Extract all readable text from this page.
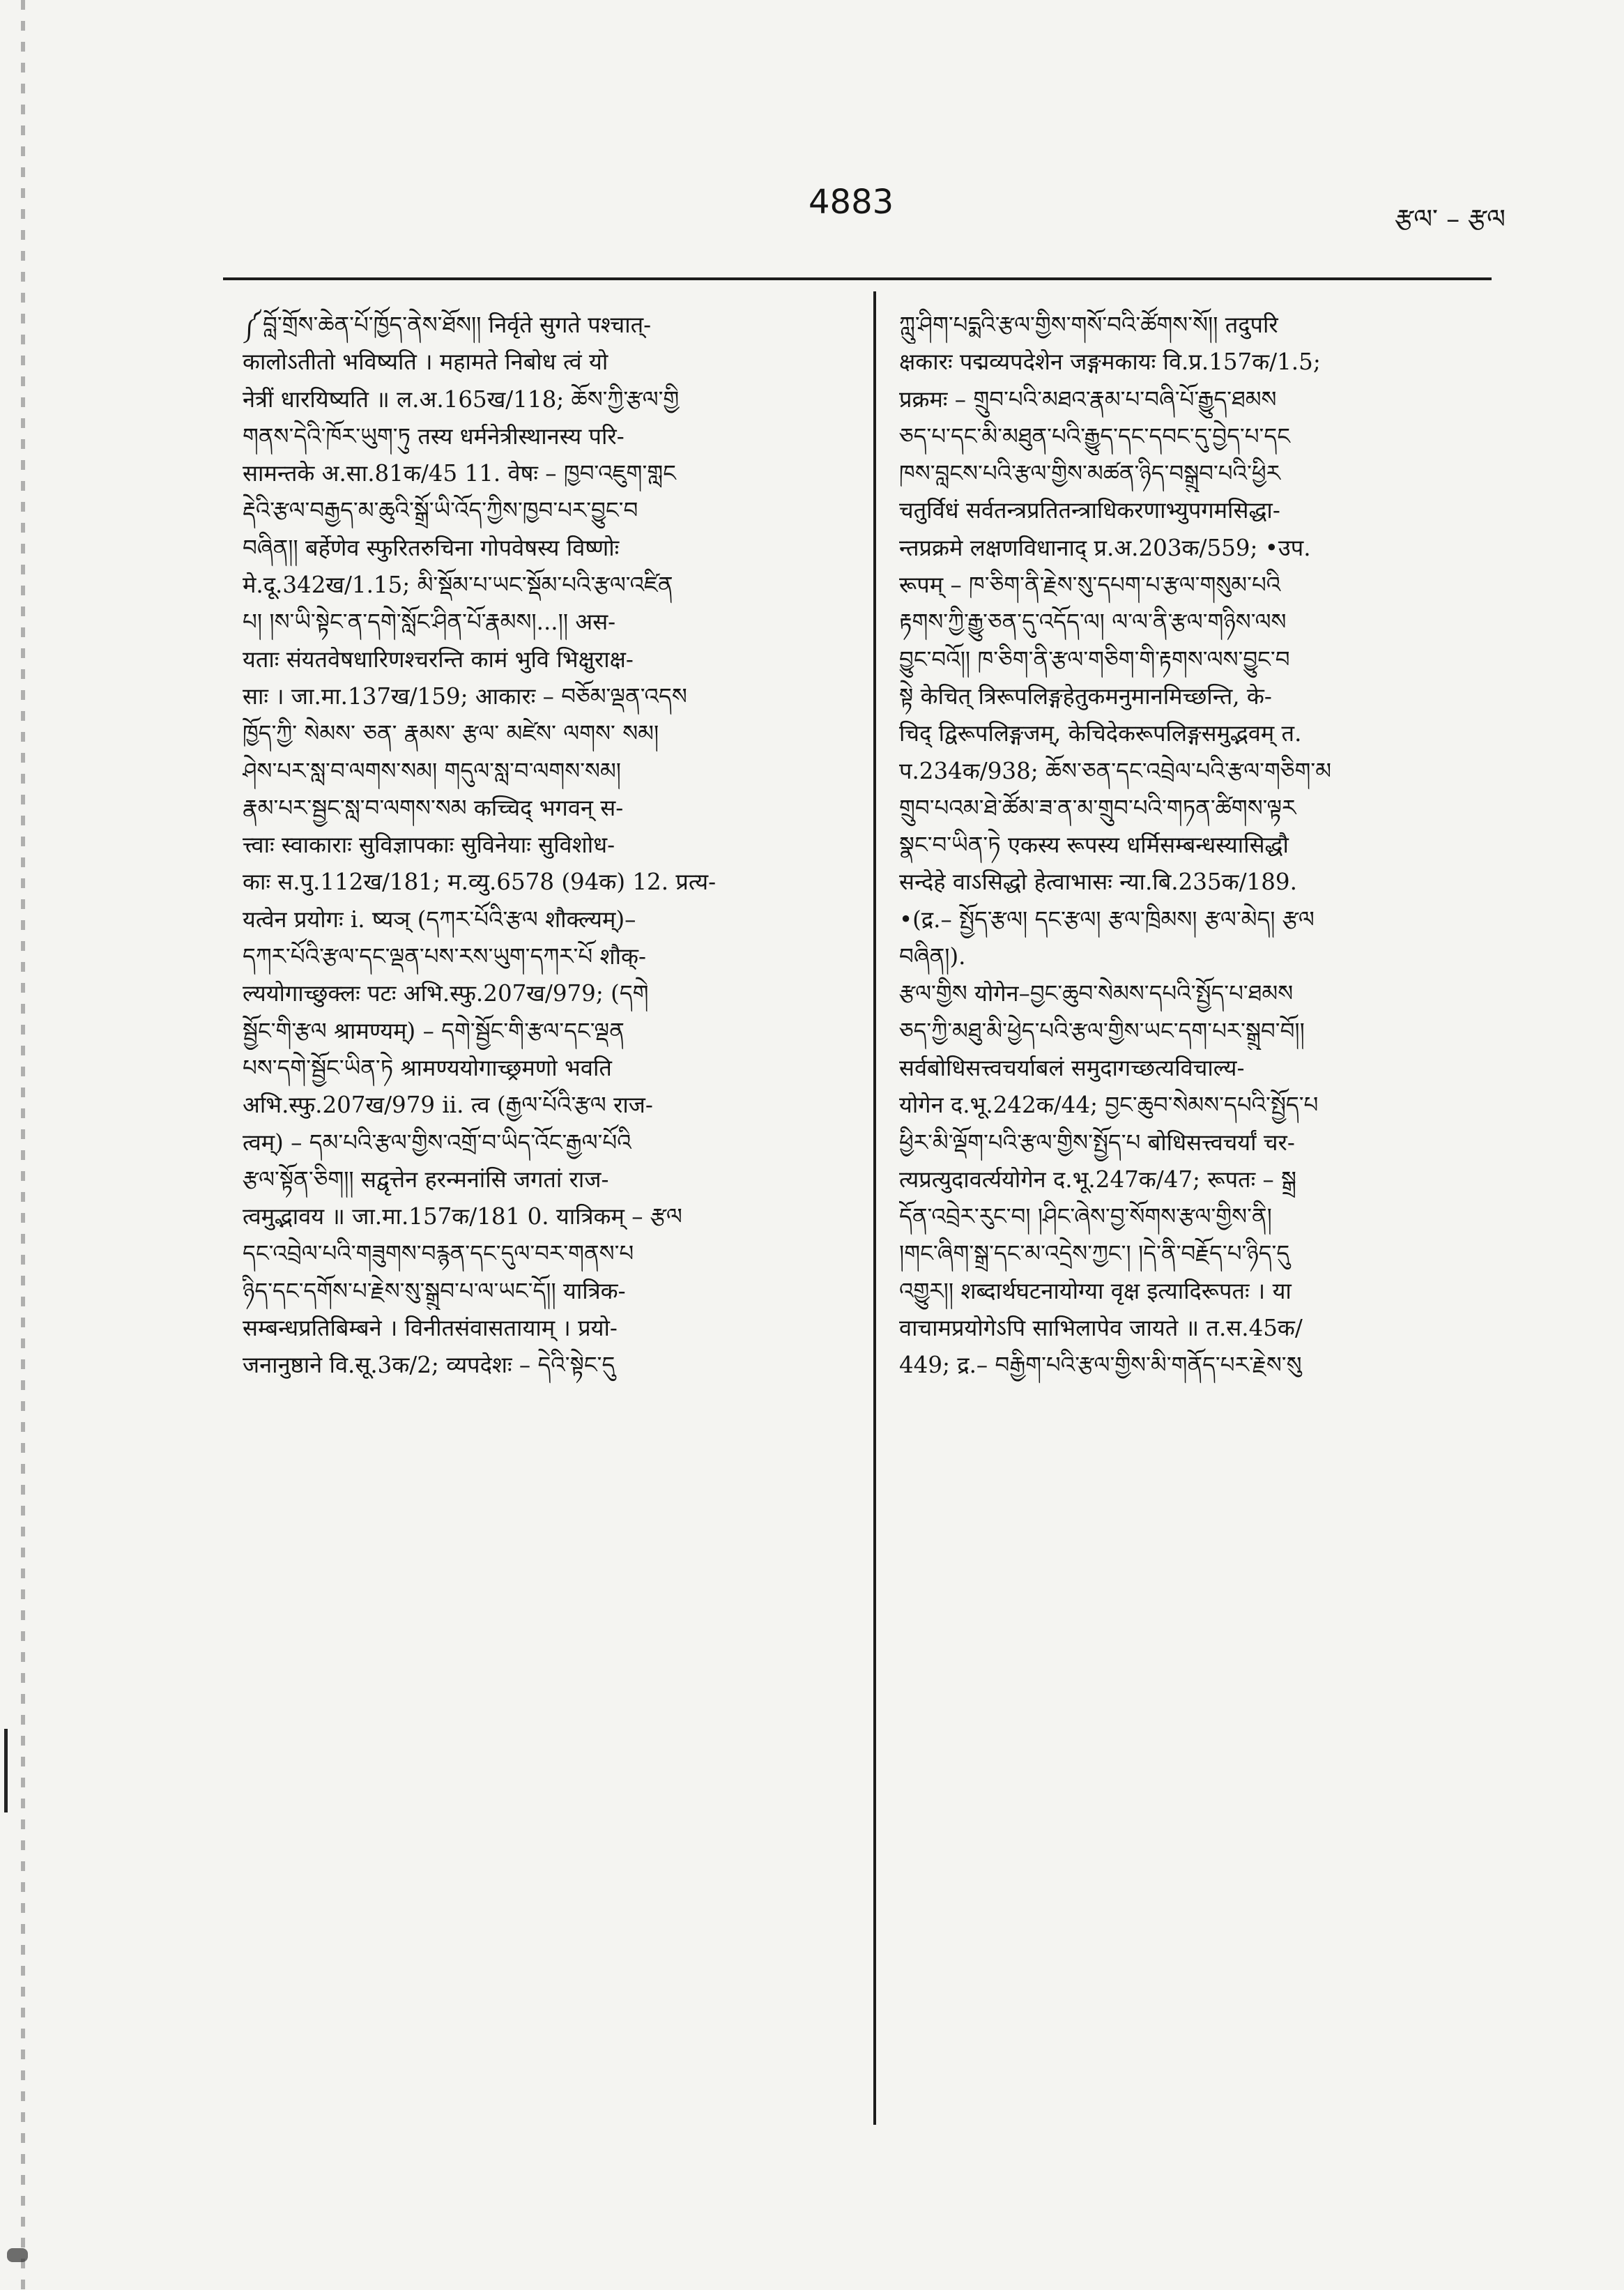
4883	རྩལ་ – རྩལ
༼བློ་གྲོས་ཆེན་པོ་ཁྱོད་ནེས་ཐོས།། निर्वृते सुगते पश्चात्-
कालोऽतीतो भविष्यति । महामते निबोध त्वं यो
नेत्रीं धारयिष्यति ॥ ल.अ.165ख/118; ཆོས་ཀྱི་རྩལ་གྱི
གནས་དེའི་ཁོར་ཡུག་ཏུ तस्य धर्मनेत्रीस्थानस्य परि-
सामन्तके अ.सा.81क/45 11. वेषः – ཁྱབ་འཇུག་གླང
རྡེའི་རྩལ་བརྒྱད་མ་ཆུའི་སྒྲོ་ཡི་འོད་ཀྱིས་ཁྱབ་པར་བྱུང་བ
བཞིན།། बर्हेणेव स्फुरितरुचिना गोपवेषस्य विष्णोः
मे.दू.342ख/1.15; མི་སྡོམ་པ་ཡང་སྡོམ་པའི་རྩལ་འཛིན
པ། །ས་ཡི་སྟེང་ན་དགེ་སློང་ཤིན་པོ་རྣམས།...།། अस-
यताः संयतवेषधारिणश्चरन्ति कामं भुवि भिक्षुराक्ष-
साः । जा.मा.137ख/159; आकारः – བཅོམ་ལྡན་འདས
ཁྱོད་ཀྱི་ སེམས་ ཅན་ རྣམས་ རྩལ་ མཛེས་ ལགས་ སམ།
ཤེས་པར་སླ་བ་ལགས་སམ། གདུལ་སླ་བ་ལགས་སམ།
རྣམ་པར་སྦྱང་སླ་བ་ལགས་སམ कच्चिद् भगवन् स-
त्त्वाः स्वाकाराः सुविज्ञापकाः सुविनेयाः सुविशोध-
काः स.पु.112ख/181; म.व्यु.6578 (94क) 12. प्रत्य-
यत्वेन प्रयोगः i. ष्यञ् (དཀར་པོའི་རྩལ शौक्ल्यम्)–
དཀར་པོའི་རྩལ་དང་ལྡན་པས་རས་ཡུག་དཀར་པོ शौक्-
ल्ययोगाच्छुक्लः पटः अभि.स्फु.207ख/979; (དགེ
སྦྱོང་གི་རྩལ श्रामण्यम्) – དགེ་སྦྱོང་གི་རྩལ་དང་ལྡན
པས་དགེ་སྦྱོང་ཡིན་ཏེ श्रामण्ययोगाच्छ्रमणो भवति
अभि.स्फु.207ख/979 ii. त्व (རྒྱལ་པོའི་རྩལ राज-
त्वम्) – དམ་པའི་རྩལ་གྱིས་འགྲོ་བ་ཡིད་འོང་རྒྱལ་པོའི
རྩལ་སྟོན་ཅིག།། सद्वृत्तेन हरन्मनांसि जगतां राज-
त्वमुद्भावय ॥ जा.मा.157क/181 0. यात्रिकम् – རྩལ
དང་འབྲེལ་པའི་གཟུགས་བརྙན་དང་དུལ་བར་གནས་པ
ཉིད་དང་དགོས་པ་རྗེས་སུ་སྒྲུབ་པ་ལ་ཡང་དོ།། यात्रिक-
सम्बन्धप्रतिबिम्बने । विनीतसंवासतायाम् । प्रयो-
जनानुष्ठाने वि.सू.3क/2; व्यपदेशः – དེའི་སྟེང་དུ
ཀླུ་ཤིག་པདྨའི་རྩལ་གྱིས་གསོ་བའི་ཚོགས་སོ།། तदुपरि
क्षकारः पद्मव्यपदेशेन जङ्गमकायः वि.प्र.157क/1.5;
प्रक्रमः – གྲུབ་པའི་མཐའ་རྣམ་པ་བཞི་པོ་རྒྱུད་ཐམས
ཅད་པ་དང་མི་མཐུན་པའི་རྒྱུད་དང་དབང་དུ་བྱེད་པ་དང
ཁས་བླངས་པའི་རྩལ་གྱིས་མཚན་ཉིད་བསྒྲུབ་པའི་ཕྱིར
चतुर्विधं सर्वतन्त्रप्रतितन्त्राधिकरणाभ्युपगमसिद्धा-
न्तप्रक्रमे लक्षणविधानाद् प्र.अ.203क/559; •उप.
रूपम् – ཁ་ཅིག་ནི་རྗེས་སུ་དཔག་པ་རྩལ་གསུམ་པའི
རྟགས་ཀྱི་རྒྱུ་ཅན་དུ་འདོད་ལ། ལ་ལ་ནི་རྩལ་གཉིས་ལས
བྱུང་བའོ།། ཁ་ཅིག་ནི་རྩལ་གཅིག་གི་རྟགས་ལས་བྱུང་བ
སྟེ केचित् त्रिरूपलिङ्गहेतुकमनुमानमिच्छन्ति, के-
चिद् द्विरूपलिङ्गजम्, केचिदेकरूपलिङ्गसमुद्भवम् त.
प.234क/938; ཆོས་ཅན་དང་འབྲེལ་པའི་རྩལ་གཅིག་མ
གྲུབ་པའམ་ཐེ་ཚོམ་ཟ་ན་མ་གྲུབ་པའི་གཏན་ཚིགས་ལྟར
སྣང་བ་ཡིན་ཏེ एकस्य रूपस्य धर्मिसम्बन्धस्यासिद्धौ
सन्देहे वाऽसिद्धो हेत्वाभासः न्या.बि.235क/189.
•(द्र.– སྤྱོད་རྩལ། དང་རྩལ། རྩལ་ཁྲིམས། རྩལ་མེད། རྩལ
བཞིན།).
རྩལ་གྱིས योगेन–བྱང་ཆུབ་སེམས་དཔའི་སྤྱོད་པ་ཐམས
ཅད་ཀྱི་མཐུ་མི་ཕྱེད་པའི་རྩལ་གྱིས་ཡང་དག་པར་སྒྲུབ་བོ།།
सर्वबोधिसत्त्वचर्याबलं समुदागच्छत्यविचाल्य-
योगेन द.भू.242क/44; བྱང་ཆུབ་སེམས་དཔའི་སྤྱོད་པ
ཕྱིར་མི་ལྡོག་པའི་རྩལ་གྱིས་སྤྱོད་པ बोधिसत्त्वचर्यां चर-
त्यप्रत्युदावर्त्ययोगेन द.भू.247क/47; रूपतः – སྒྲ
དོན་འབྲེར་རུང་བ། །ཤིང་ཞེས་བྱ་སོགས་རྩལ་གྱིས་ནི།
།གང་ཞིག་སྒྲ་དང་མ་འདྲེས་ཀྱང་། །དེ་ནི་བརྗོད་པ་ཉིད་དུ
འགྱུར།། शब्दार्थघटनायोग्या वृक्ष इत्यादिरूपतः । या
वाचामप्रयोगेऽपि साभिलापेव जायते ॥ त.स.45क/
449; द्र.– བརྒྱིག་པའི་རྩལ་གྱིས་མི་གནོད་པར་རྗེས་སུ
